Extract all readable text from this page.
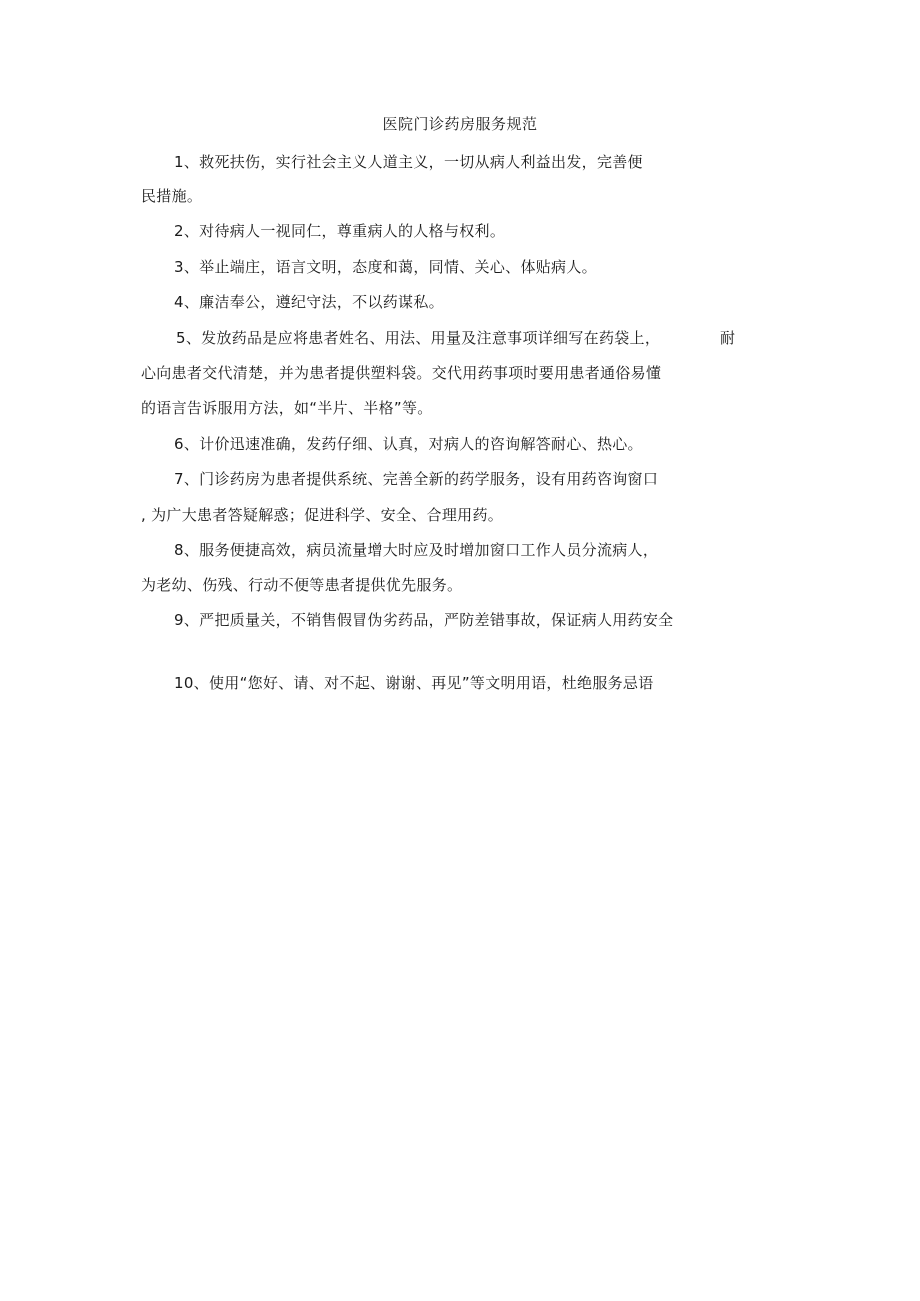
医院门诊药房服务规范
1、救死扶伤，实行社会主义人道主义，一切从病人利益出发，完善便
民措施。
2、对待病人一视同仁，尊重病人的人格与权利。
3、举止端庄，语言文明，态度和蔼，同情、关心、体贴病人。
4、廉洁奉公，遵纪守法，不以药谋私。
5、发放药品是应将患者姓名、用法、用量及注意事项详细写在药袋上，	耐
心向患者交代清楚，并为患者提供塑料袋。交代用药事项时要用患者通俗易懂
的语言告诉服用方法，如“半片、半格”等。
6、计价迅速准确，发药仔细、认真，对病人的咨询解答耐心、热心。
7、门诊药房为患者提供系统、完善全新的药学服务，设有用药咨询窗口
, 为广大患者答疑解惑；促进科学、安全、合理用药。
8、服务便捷高效，病员流量增大时应及时增加窗口工作人员分流病人，
为老幼、伤残、行动不便等患者提供优先服务。
9、严把质量关，不销售假冒伪劣药品，严防差错事故，保证病人用药安全
10、使用“您好、请、对不起、谢谢、再见”等文明用语，杜绝服务忌语
